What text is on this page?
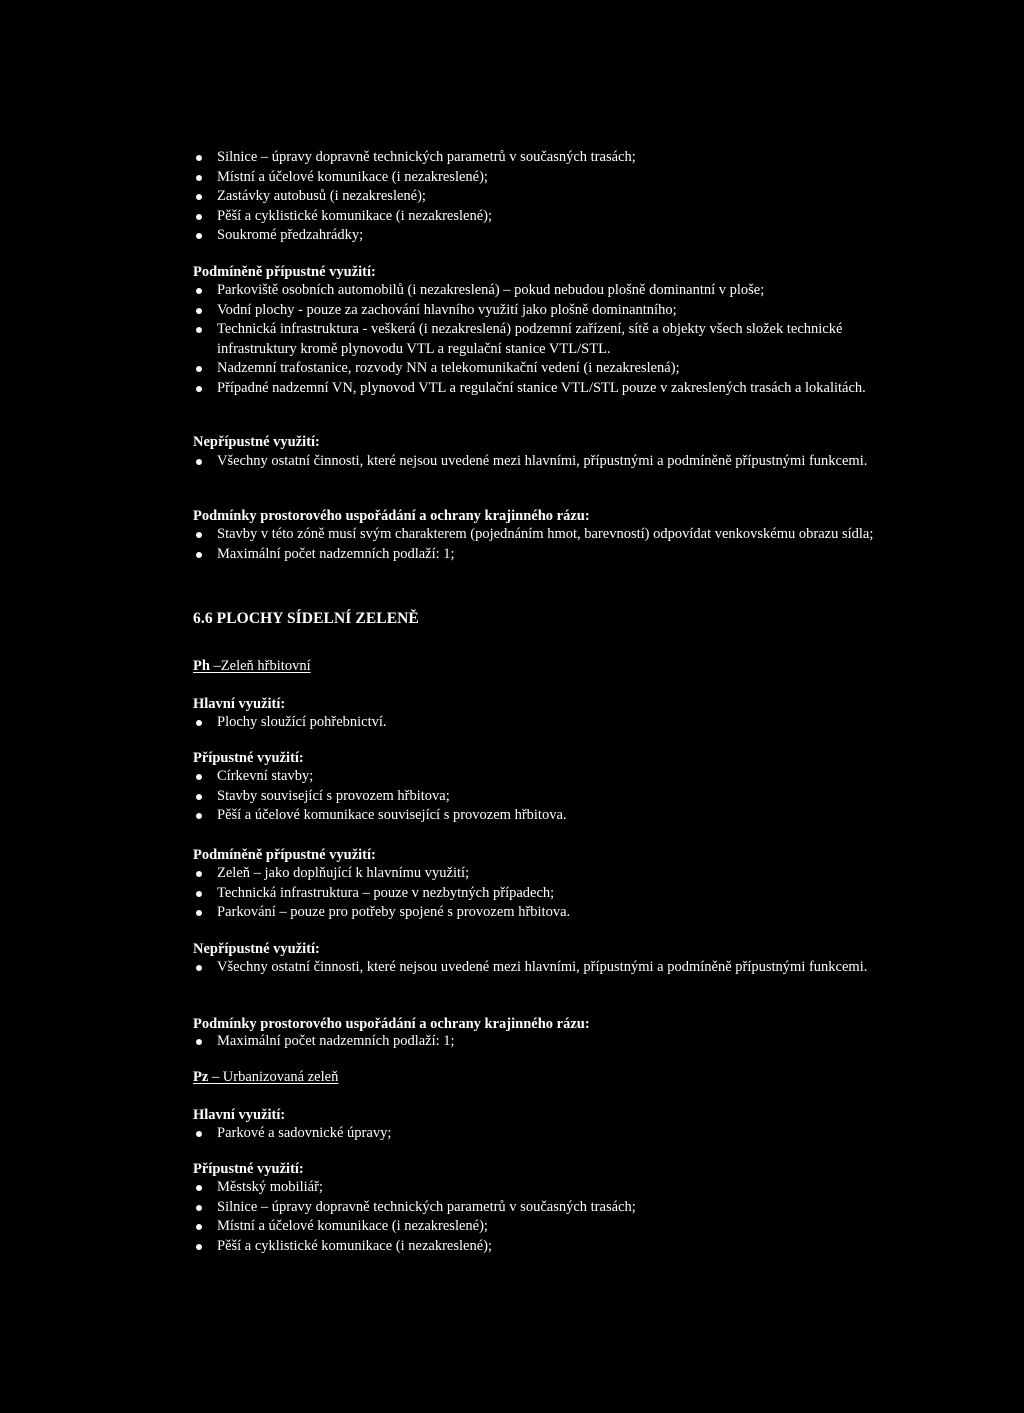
Silnice – úpravy dopravně technických parametrů v současných trasách;
Místní a účelové komunikace (i nezakreslené);
Zastávky autobusů (i nezakreslené);
Pěší a cyklistické komunikace (i nezakreslené);
Soukromé předzahrádky;
Podmíněně přípustné využití:
Parkoviště osobních automobilů (i nezakreslená) – pokud nebudou plošně dominantní v ploše;
Vodní plochy - pouze za zachování hlavního využití jako plošně dominantního;
Technická infrastruktura - veškerá (i nezakreslená) podzemní zařízení, sítě a objekty všech složek technické infrastruktury kromě plynovodu VTL a regulační stanice VTL/STL.
Nadzemní trafostanice, rozvody NN a telekomunikační vedení (i nezakreslená);
Případné nadzemní VN, plynovod VTL a regulační stanice VTL/STL pouze v zakreslených trasách a lokalitách.
Nepřípustné využití:
Všechny ostatní činnosti, které nejsou uvedené mezi hlavními, přípustnými a podmíněně přípustnými funkcemi.
Podmínky prostorového uspořádání a ochrany krajinného rázu:
Stavby v této zóně musí svým charakterem (pojednáním hmot, barevností) odpovídat venkovskému obrazu sídla;
Maximální počet nadzemních podlaží: 1;
6.6 PLOCHY SÍDELNÍ ZELENĚ
Ph –Zeleň hřbitovní
Hlavní využití:
Plochy sloužící pohřebnictví.
Přípustné využití:
Církevní stavby;
Stavby související s provozem hřbitova;
Pěší a účelové komunikace související s provozem hřbitova.
Podmíněně přípustné využití:
Zeleň – jako doplňující k hlavnímu využití;
Technická infrastruktura – pouze v nezbytných případech;
Parkování – pouze pro potřeby spojené s provozem hřbitova.
Nepřípustné využití:
Všechny ostatní činnosti, které nejsou uvedené mezi hlavními, přípustnými a podmíněně přípustnými funkcemi.
Podmínky prostorového uspořádání a ochrany krajinného rázu:
Maximální počet nadzemních podlaží: 1;
Pz – Urbanizovaná zeleň
Hlavní využití:
Parkové a sadovnické úpravy;
Přípustné využití:
Městský mobiliář;
Silnice – úpravy dopravně technických parametrů v současných trasách;
Místní a účelové komunikace (i nezakreslené);
Pěší a cyklistické komunikace (i nezakreslené);
